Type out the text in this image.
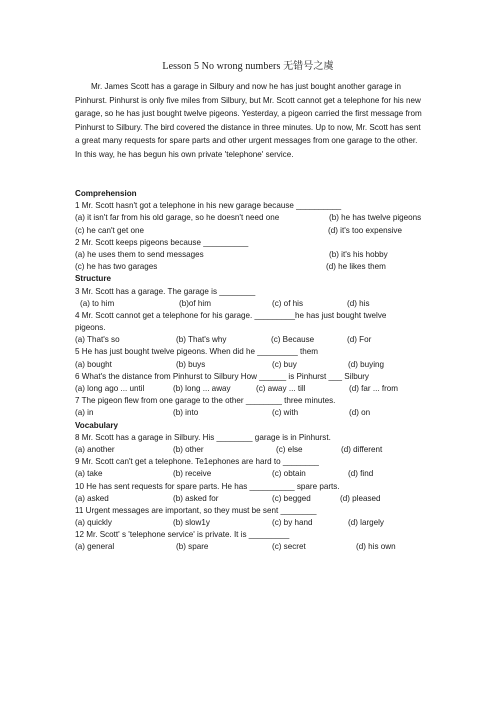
Lesson 5 No wrong numbers 无错号之虞
Mr. James Scott has a garage in Silbury and now he has just bought another garage in Pinhurst. Pinhurst is only five miles from Silbury, but Mr. Scott cannot get a telephone for his new garage, so he has just bought twelve pigeons. Yesterday, a pigeon carried the first message from Pinhurst to Silbury. The bird covered the distance in three minutes. Up to now, Mr. Scott has sent a great many requests for spare parts and other urgent messages from one garage to the other. In this way, he has begun his own private 'telephone' service.
Comprehension
1 Mr. Scott hasn't got a telephone in his new garage because __________
(a) it isn't far from his old garage, so he doesn't need one	(b) he has twelve pigeons
(c) he can't get one	(d) it's too expensive
2 Mr. Scott keeps pigeons because __________
(a) he uses them to send messages	(b) it's his hobby
(c) he has two garages	(d) he likes them
Structure
3 Mr. Scott has a garage. The garage is ________
(a) to him	(b)of him	(c) of his	(d) his
4 Mr. Scott cannot get a telephone for his garage. _________he has just bought twelve pigeons.
(a) That's so	(b) That's why	(c) Because	(d) For
5 He has just bought twelve pigeons. When did he _________ them
(a) bought	(b) buys	(c) buy	(d) buying
6 What's the distance from Pinhurst to Silbury How ______ is Pinhurst ___ Silbury
(a) long ago ... until	(b) long ... away	(c) away ... till	(d) far ... from
7 The pigeon flew from one garage to the other ________ three minutes.
(a) in	(b) into	(c) with	(d) on
Vocabulary
8 Mr. Scott has a garage in Silbury. His ________ garage is in Pinhurst.
(a) another	(b) other	(c) else	(d) different
9 Mr. Scott can't get a telephone. Te1ephones are hard to ________
(a) take	(b) receive	(c) obtain	(d) find
10 He has sent requests for spare parts. He has __________ spare parts.
(a) asked	(b) asked for	(c) begged	(d) pleased
11 Urgent messages are important, so they must be sent ________
(a) quickly	(b) slow1y	(c) by hand	(d) largely
12 Mr. Scott' s 'telephone service' is private. It is _________
(a) general	(b) spare	(c) secret	(d) his own
